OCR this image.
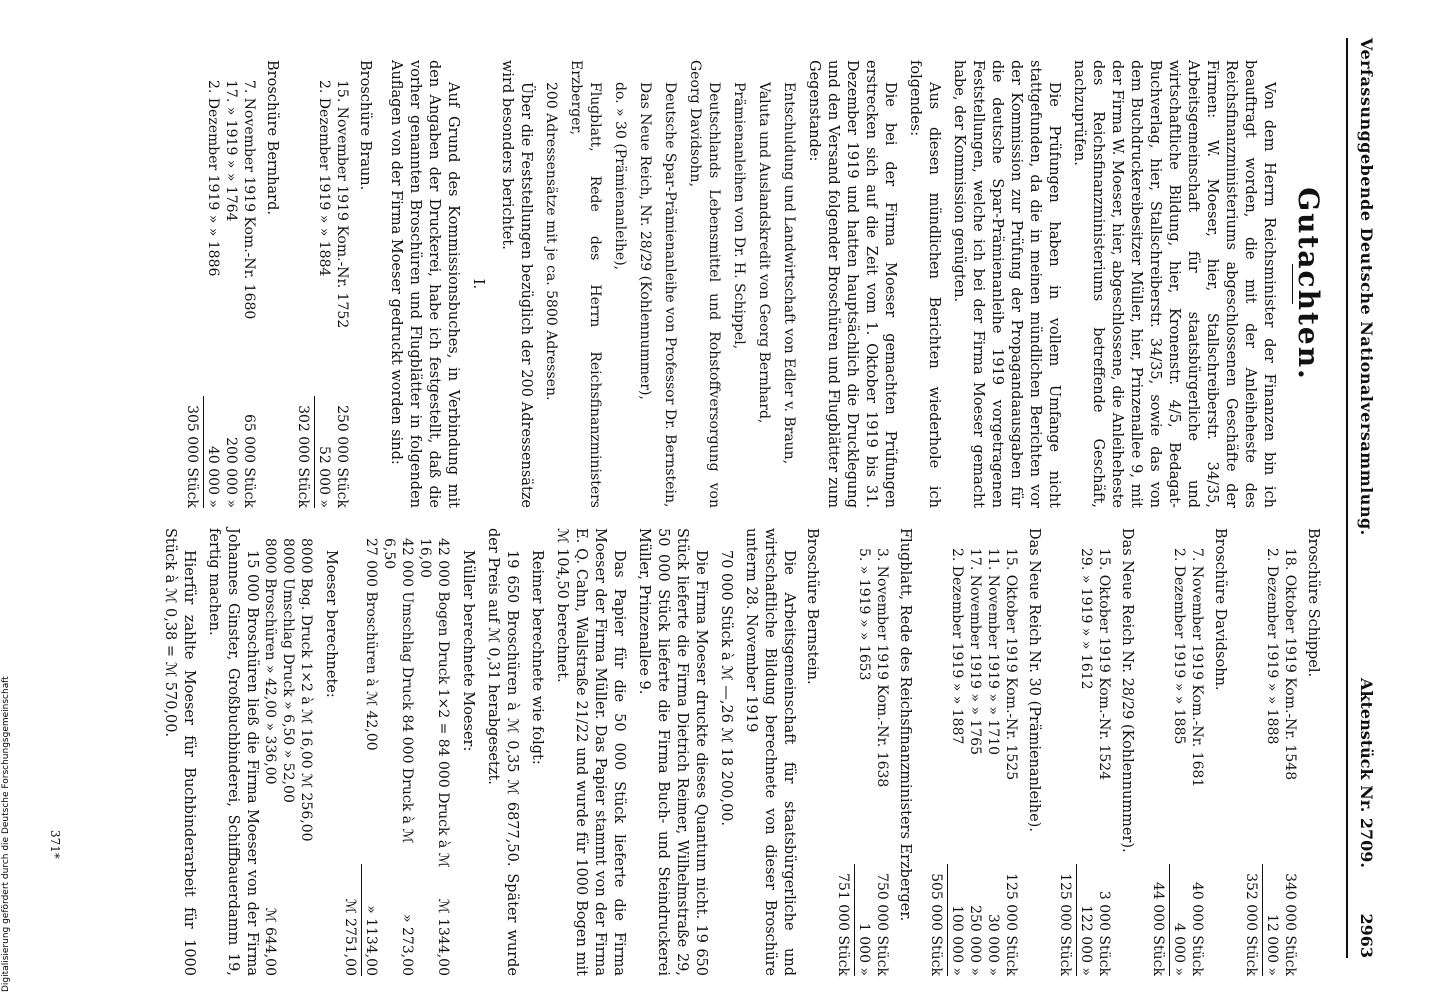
Verfassunggebende Deutsche Nationalversammlung.
Aktenstück Nr. 2709.
2963
Gutachten.

Von dem Herrn Reichsminister der Finanzen bin ich beauftragt worden, die mit der Anleiheheste des Reichsfinanzministeriums abgeschlossenen Geschäfte der Firmen: W. Moeser, hier, Stallschreiberstr. 34/35, Arbeitsgemeinschaft für staatsbürgerliche und wirtschaftliche Bildung, hier, Kronenstr. 4/5, Bedagat-Buchverlag, hier, Stallschreiberstr. 34/35, sowie das von dem Buchdruckereibesitzer Müller, hier, Prinzenallee 9, mit der Firma W. Moeser, hier, abgeschlossene, die Anleiheheste des Reichsfinanzministeriums betreffende Geschäft, nachzuprüfen.

Die Prüfungen haben in vollem Umfange nicht stattgefunden, da die in meinen mündlichen Berichten vor der Kommission zur Prüfung der Propagandaausgaben für die deutsche Spar-Prämienanleihe 1919 vorgetragenen Feststellungen, welche ich bei der Firma Moeser gemacht habe, der Kommission genügten.

Aus diesen mündlichen Berichten wiederhole ich folgendes:

Die bei der Firma Moeser gemachten Prüfungen erstrecken sich auf die Zeit vom 1. Oktober 1919 bis 31. Dezember 1919 und hatten hauptsächlich die Drucklegung und den Versand folgender Broschüren und Flugblätter zum Gegenstande:

Entschuldung und Landwirtschaft von Edler v. Braun,

Valuta und Auslandskredit von Georg Bernhard,

Prämienanleihen von Dr. H. Schippel,

Deutschlands Lebensmittel und Rohstoffversorgung von Georg Davidsohn,

Deutsche Spar-Prämienanleihe von Professor Dr. Bernstein,

Das Neue Reich, Nr. 28/29 (Kohlennummer),

do. » 30 (Prämienanleihe),

Flugblatt, Rede des Herrn Reichsfinanzministers Erzberger,

200 Adressensätze mit je ca. 5800 Adressen.

Über die Feststellungen bezüglich der 200 Adressensätze wird besonders berichtet.

I.

Auf Grund des Kommissionsbuches, in Verbindung mit den Angaben der Druckerei, habe ich festgestellt, daß die vorher genannten Broschüren und Flugblätter in folgenden Auflagen von der Firma Moeser gedruckt worden sind:

Broschüre Braun.
15. November 1919 Kom.-Nr. 1752
250 000 Stück
2. Dezember 1919 » » 1884
52 000 »
302 000 Stück
Broschüre Bernhard.
7. November 1919 Kom.-Nr. 1680
65 000 Stück
17. » 1919 » » 1764
200 000 »
2. Dezember 1919 » » 1886
40 000 »
305 000 Stück
Broschüre Schippel.
18. Oktober 1919 Kom.-Nr. 1548
340 000 Stück
2. Dezember 1919 » » 1888
12 000 »
352 000 Stück
Broschüre Davidsohn.
7. November 1919 Kom.-Nr. 1681
40 000 Stück
2. Dezember 1919 » » 1885
4 000 »
44 000 Stück
Das Neue Reich Nr. 28/29 (Kohlennummer).
15. Oktober 1919 Kom.-Nr. 1524
3 000 Stück
29. » 1919 » » 1612
122 000 »
125 000 Stück
Das Neue Reich Nr. 30 (Prämienanleihe).
15. Oktober 1919 Kom.-Nr. 1525
125 000 Stück
11. November 1919 » » 1710
30 000 »
17. November 1919 » » 1765
250 000 »
2. Dezember 1919 » » 1887
100 000 »
505 000 Stück
Flugblatt, Rede des Reichsfinanzministers Erzberger.
3. November 1919 Kom.-Nr. 1638
750 000 Stück
5. » 1919 » » 1653
1 000 »
751 000 Stück
Broschüre Bernstein.

Die Arbeitsgemeinschaft für staatsbürgerliche und wirtschaftliche Bildung berechnete von dieser Broschüre unterm 28. November 1919

70 000 Stück à ℳ —,26 ℳ 18 200,00.

Die Firma Moeser druckte dieses Quantum nicht. 19 650 Stück lieferte die Firma Dietrich Reimer, Wilhelmstraße 29, 50 000 Stück lieferte die Firma Buch- und Steindruckerei Müller, Prinzenallee 9.

Das Papier für die 50 000 Stück lieferte die Firma Moeser der Firma Müller. Das Papier stammt von der Firma E. Q. Cahn, Wallstraße 21/22 und wurde für 1000 Bogen mit ℳ 104,50 berechnet.

Reimer berechnete wie folgt:

19 650 Broschüren à ℳ 0,35 ℳ 6877,50. Später wurde der Preis auf ℳ 0,31 herabgesetzt.

Müller berechnete Moeser:

42 000 Bogen Druck 1×2 = 84 000 Druck à ℳ 16,00
ℳ 1344,00
42 000 Umschlag Druck 84 000 Druck à ℳ 6,50
» 273,00
27 000 Broschüren à ℳ 42,00
» 1134,00
ℳ 2751,00

Moeser berechnete:

8000 Bog. Druck 1×2 à ℳ 16,00 ℳ 256,00
8000 Umschlag Druck » 6,50 » 52,00
8000 Broschüren » 42,00 » 336,00
ℳ 644,00

15 000 Broschüren ließ die Firma Moeser von der Firma Johannes Ginster, Großbuchbinderei, Schiffbauerdamm 19, fertig machen.

Hierfür zahlte Moeser für Buchbinderarbeit für 1000 Stück à ℳ 0,38 = ℳ 570,00.

371*
Digitalisierung gefördert durch die Deutsche Forschungsgemeinschaft
